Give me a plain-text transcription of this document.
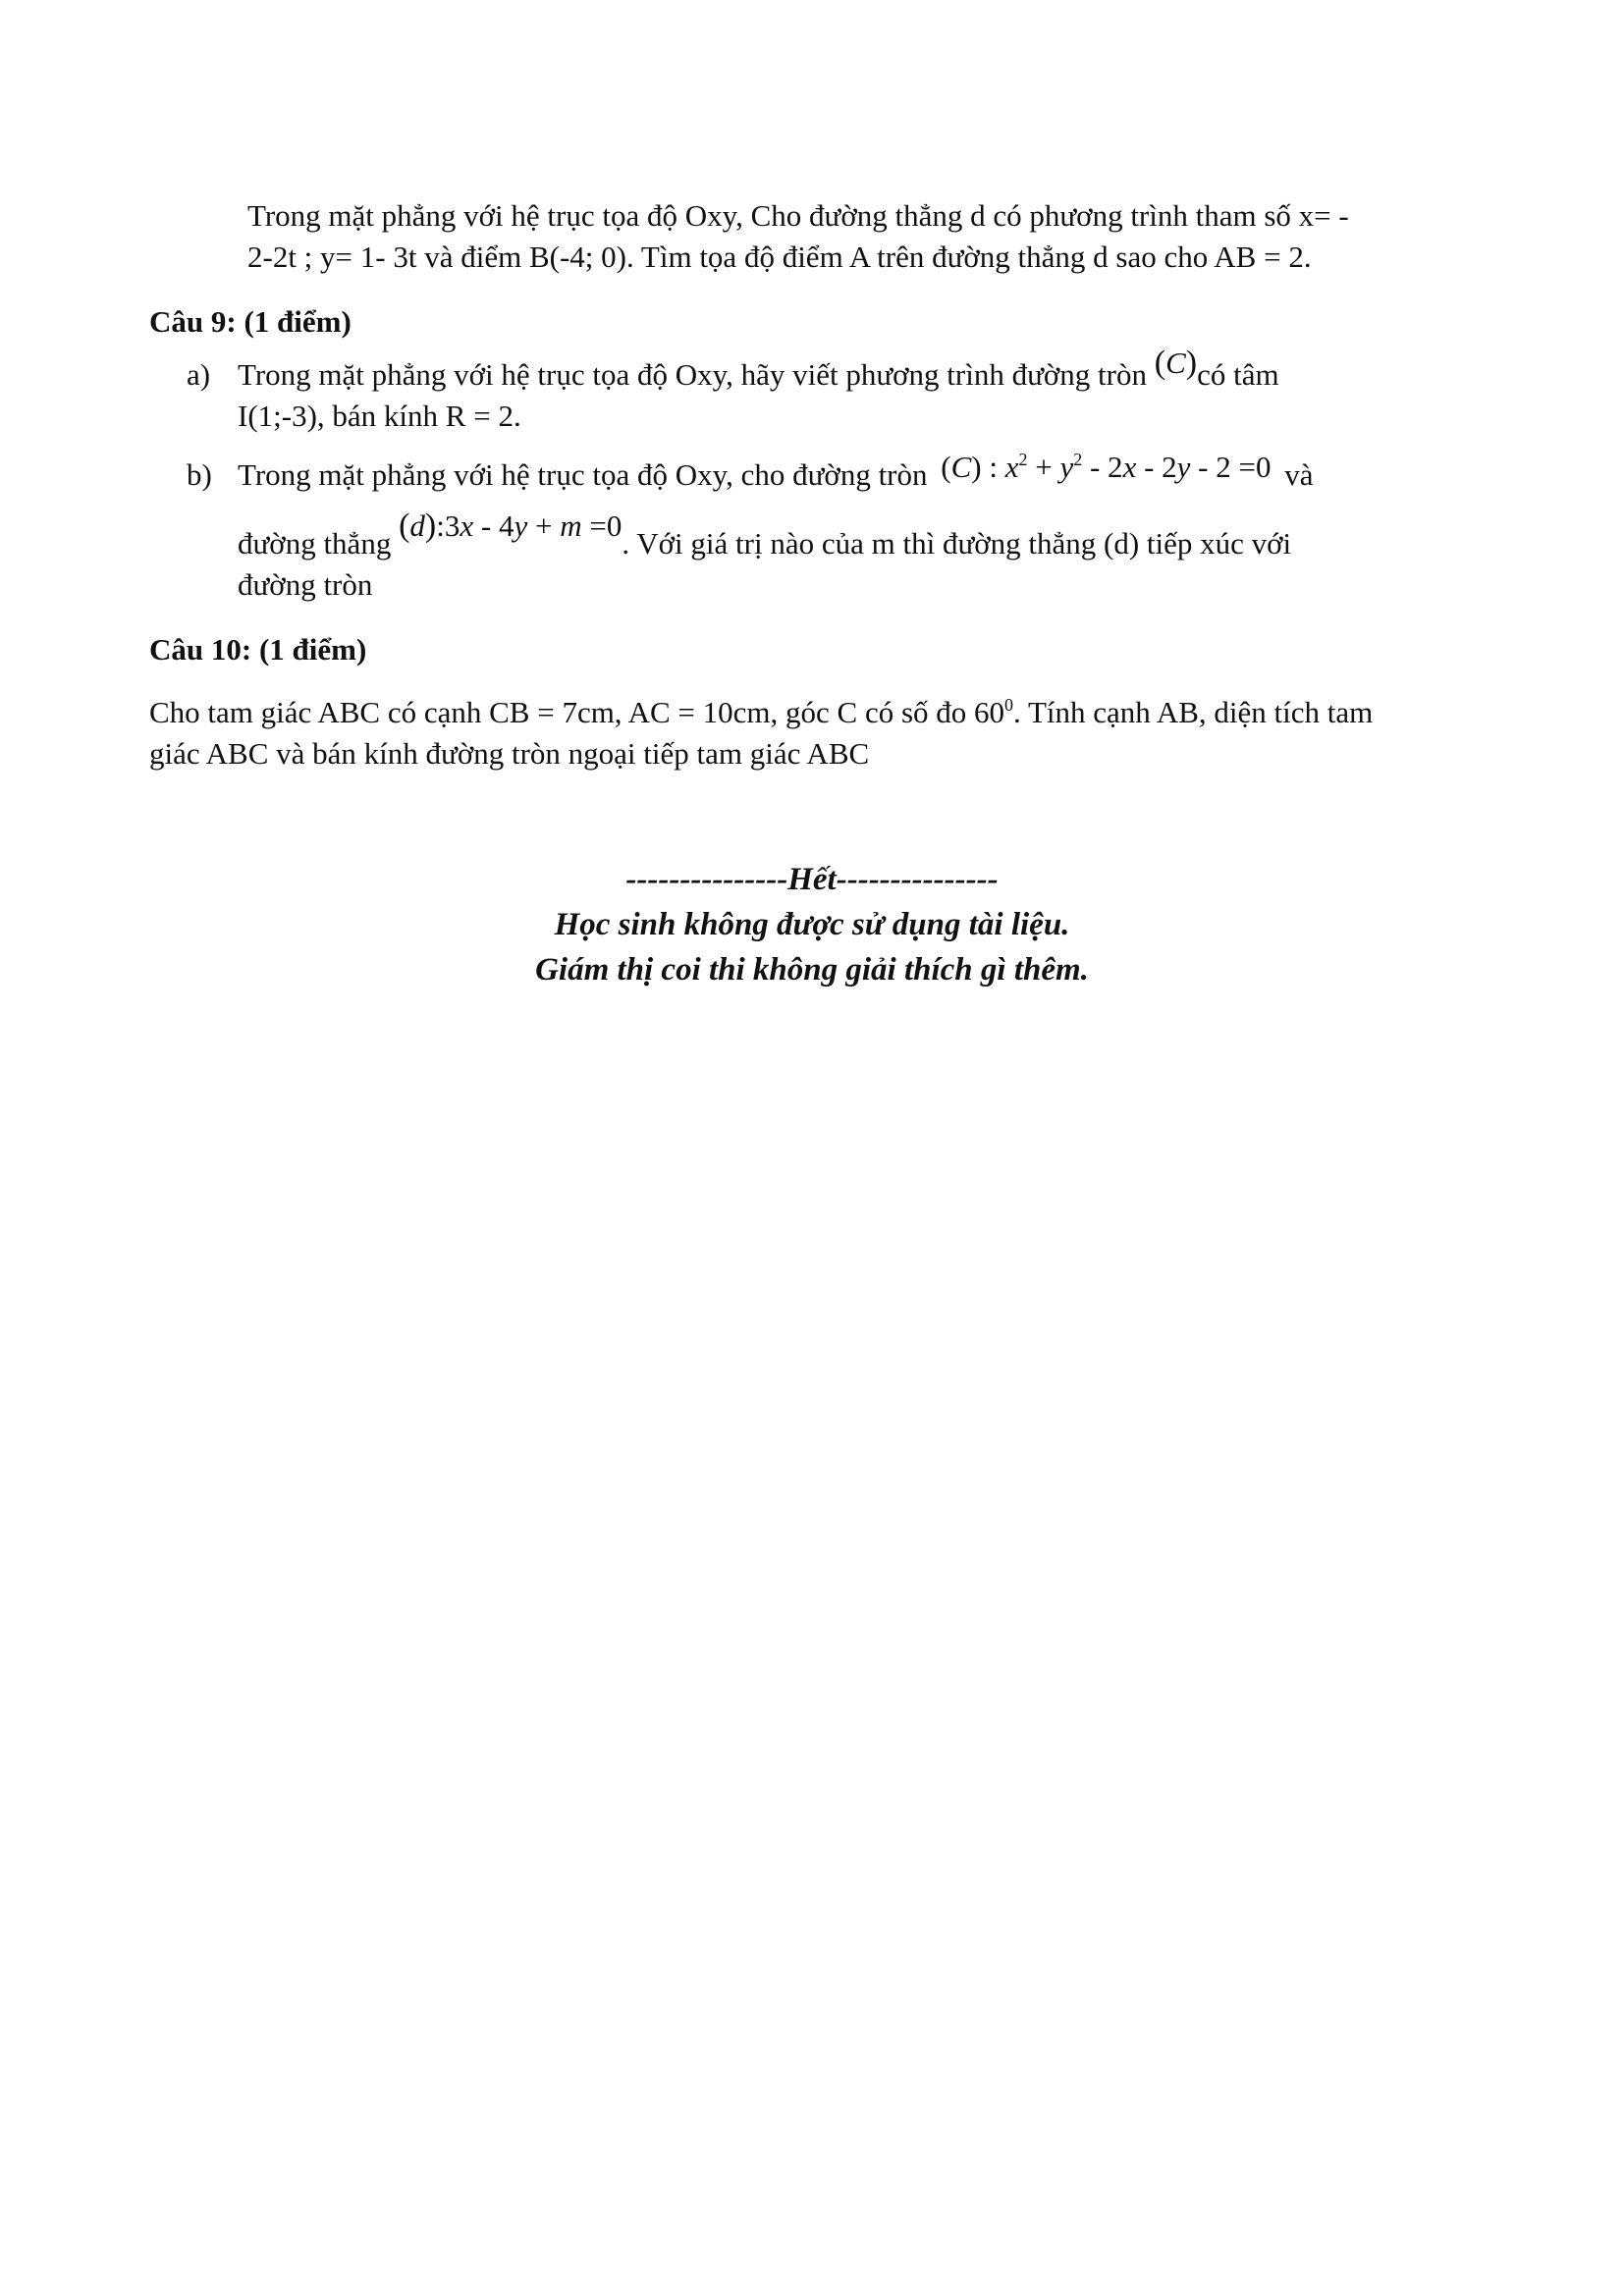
Trong mặt phẳng với hệ trục tọa độ Oxy, Cho đường thẳng d có phương trình tham số x= -
2-2t ; y= 1- 3t và điểm B(-4; 0). Tìm tọa độ điểm A trên đường thẳng d sao cho AB = 2.
Câu 9: (1 điểm)
a) Trong mặt phẳng với hệ trục tọa độ Oxy, hãy viết phương trình đường tròn (C)có tâm
I(1;-3), bán kính R = 2.
b) Trong mặt phẳng với hệ trục tọa độ Oxy, cho đường tròn (C) : $x^2 + y^2 - 2x - 2y - 2 =0$ và
đường thẳng (d):3x - 4y + m =0. Với giá trị nào của m thì đường thẳng (d) tiếp xúc với
đường tròn
Câu 10: (1 điểm)
Cho tam giác ABC có cạnh CB = 7cm, AC = 10cm, góc C có số đo $60^0$. Tính cạnh AB, diện tích tam
giác ABC và bán kính đường tròn ngoại tiếp tam giác ABC
---------------Hết---------------
Học sinh không được sử dụng tài liệu.
Giám thị coi thi không giải thích gì thêm.
